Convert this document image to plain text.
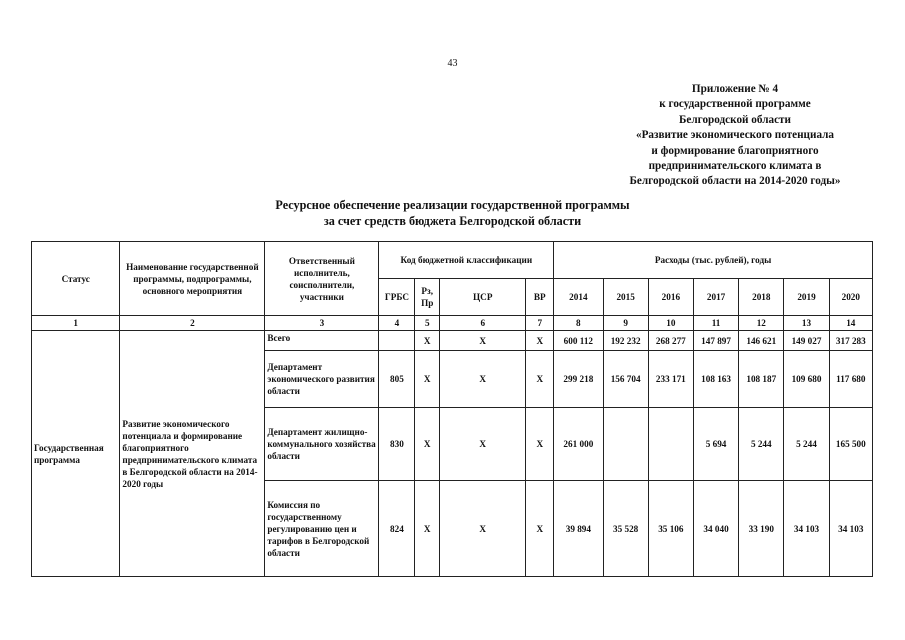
43
Приложение № 4
к государственной программе
Белгородской области
«Развитие экономического потенциала
и формирование благоприятного
предпринимательского климата в
Белгородской области на 2014-2020 годы»
Ресурсное обеспечение реализации государственной программы
за счет средств бюджета Белгородской области
Статус	Наименование государственной программы, подпрограммы, основного мероприятия	Ответственный исполнитель, соисполнители, участники	Код бюджетной классификации				Расходы (тыс. рублей), годы						
			ГРБС	Рз, Пр	ЦСР	ВР	2014	2015	2016	2017	2018	2019	2020
1	2	3	4	5	6	7	8	9	10	11	12	13	14
Государственная программа	Развитие экономического потенциала и формирование благоприятного предпринимательского климата в Белгородской области на 2014-2020 годы	Всего		Х	Х	Х	600 112	192 232	268 277	147 897	146 621	149 027	317 283
		Департамент экономического развития области	805	Х	Х	Х	299 218	156 704	233 171	108 163	108 187	109 680	117 680
		Департамент жилищно-коммунального хозяйства области	830	Х	Х	Х	261 000			5 694	5 244	5 244	165 500
		Комиссия по государственному регулированию цен и тарифов в Белгородской области	824	Х	Х	Х	39 894	35 528	35 106	34 040	33 190	34 103	34 103
